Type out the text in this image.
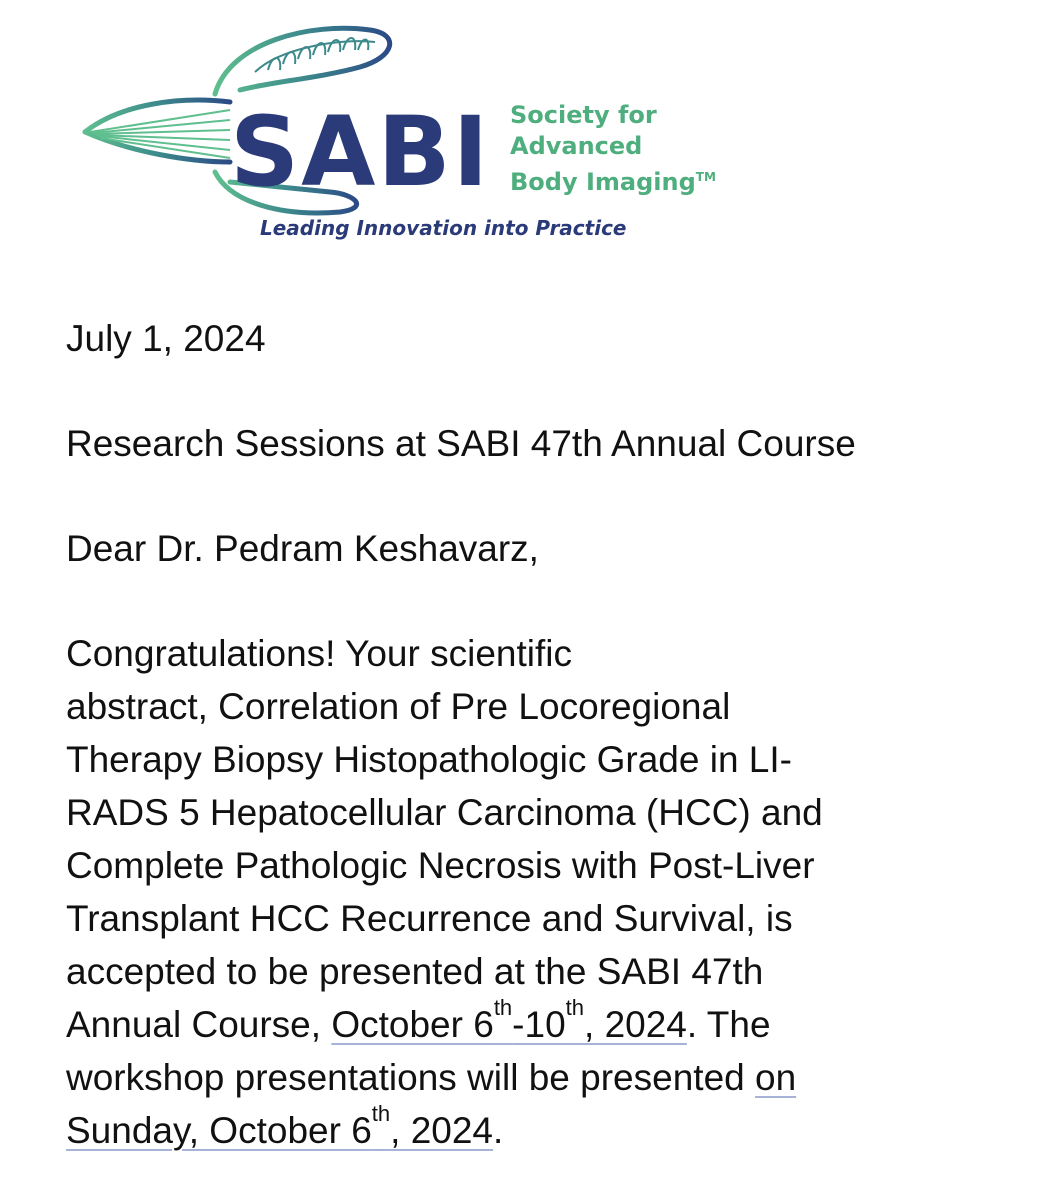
SABI Society for
Advanced
Body Imaging™
Leading Innovation into Practice

July 1, 2024

Research Sessions at SABI 47th Annual Course

Dear Dr. Pedram Keshavarz,

Congratulations! Your scientific
abstract, Correlation of Pre Locoregional
Therapy Biopsy Histopathologic Grade in LI-
RADS 5 Hepatocellular Carcinoma (HCC) and
Complete Pathologic Necrosis with Post-Liver
Transplant HCC Recurrence and Survival, is
accepted to be presented at the SABI 47th
Annual Course, October 6th-10th, 2024. The
workshop presentations will be presented on
Sunday, October 6th, 2024.
